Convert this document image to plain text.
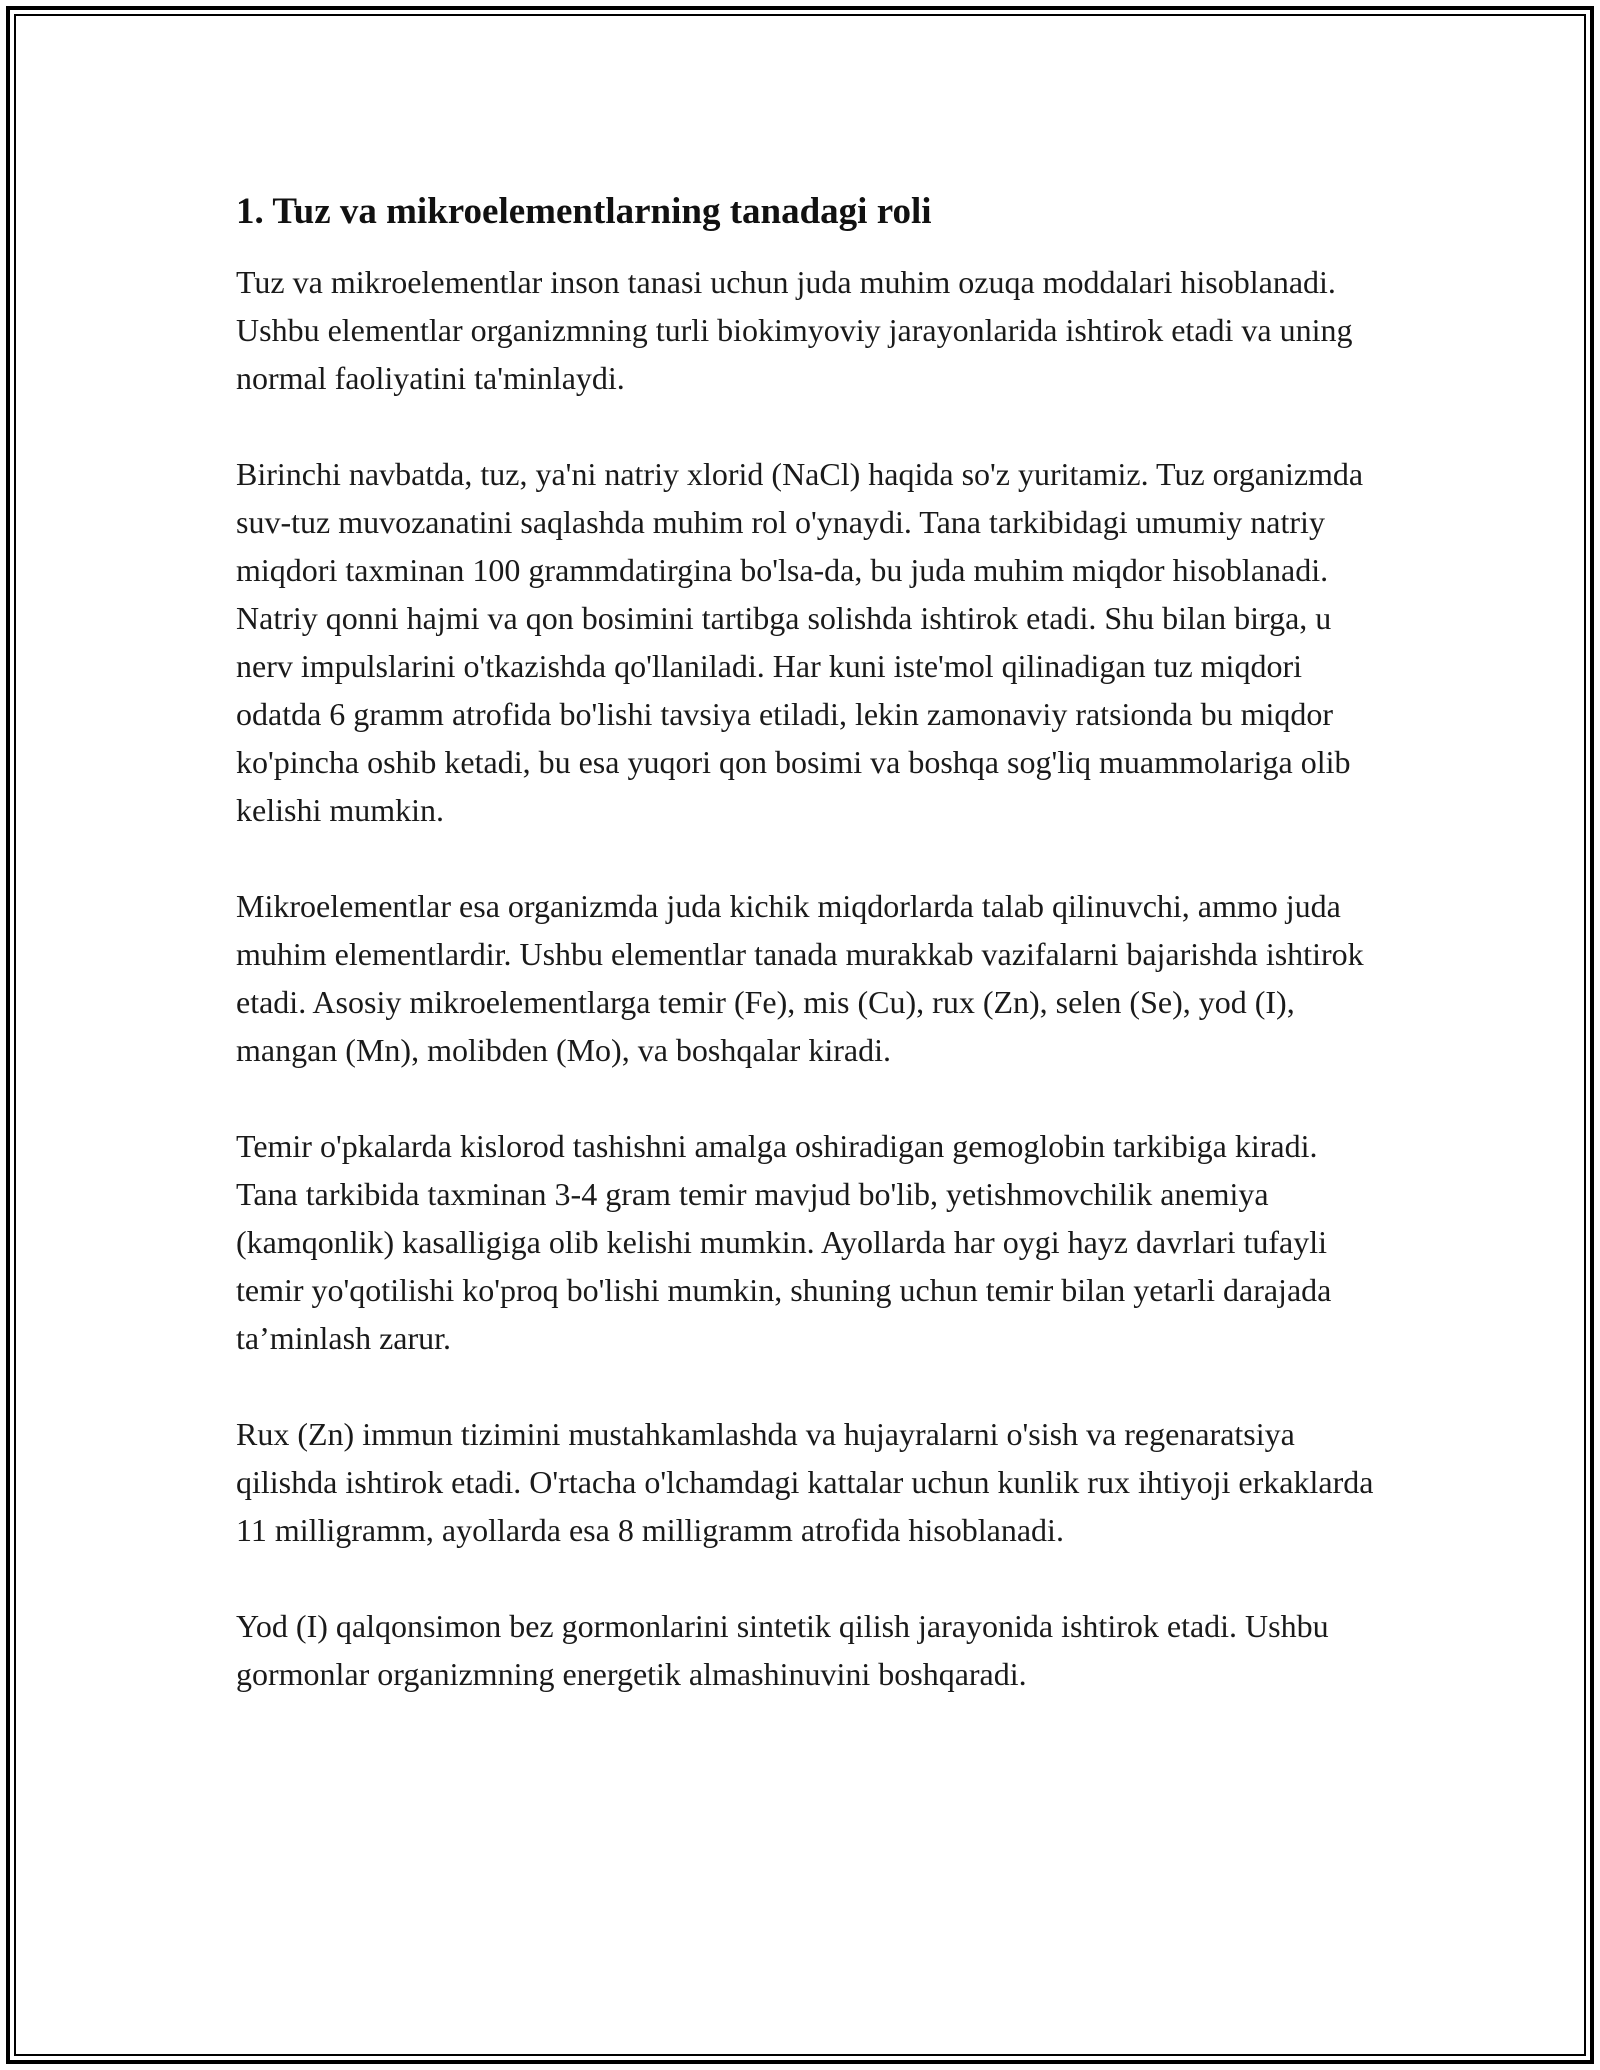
1. Tuz va mikroelementlarning tanadagi roli

Tuz va mikroelementlar inson tanasi uchun juda muhim ozuqa moddalari hisoblanadi. Ushbu elementlar organizmning turli biokimyoviy jarayonlarida ishtirok etadi va uning normal faoliyatini ta'minlaydi.

Birinchi navbatda, tuz, ya'ni natriy xlorid (NaCl) haqida so'z yuritamiz. Tuz organizmda suv-tuz muvozanatini saqlashda muhim rol o'ynaydi. Tana tarkibidagi umumiy natriy miqdori taxminan 100 grammdatirgina bo'lsa-da, bu juda muhim miqdor hisoblanadi. Natriy qonni hajmi va qon bosimini tartibga solishda ishtirok etadi. Shu bilan birga, u nerv impulslarini o'tkazishda qo'llaniladi. Har kuni iste'mol qilinadigan tuz miqdori odatda 6 gramm atrofida bo'lishi tavsiya etiladi, lekin zamonaviy ratsionda bu miqdor ko'pincha oshib ketadi, bu esa yuqori qon bosimi va boshqa sog'liq muammolariga olib kelishi mumkin.

Mikroelementlar esa organizmda juda kichik miqdorlarda talab qilinuvchi, ammo juda muhim elementlardir. Ushbu elementlar tanada murakkab vazifalarni bajarishda ishtirok etadi. Asosiy mikroelementlarga temir (Fe), mis (Cu), rux (Zn), selen (Se), yod (I), mangan (Mn), molibden (Mo), va boshqalar kiradi.

Temir o'pkalarda kislorod tashishni amalga oshiradigan gemoglobin tarkibiga kiradi. Tana tarkibida taxminan 3-4 gram temir mavjud bo'lib, yetishmovchilik anemiya (kamqonlik) kasalligiga olib kelishi mumkin. Ayollarda har oygi hayz davrlari tufayli temir yo'qotilishi ko'proq bo'lishi mumkin, shuning uchun temir bilan yetarli darajada ta’minlash zarur.

Rux (Zn) immun tizimini mustahkamlashda va hujayralarni o'sish va regenaratsiya qilishda ishtirok etadi. O'rtacha o'lchamdagi kattalar uchun kunlik rux ihtiyoji erkaklarda 11 milligramm, ayollarda esa 8 milligramm atrofida hisoblanadi.

Yod (I) qalqonsimon bez gormonlarini sintetik qilish jarayonida ishtirok etadi. Ushbu gormonlar organizmning energetik almashinuvini boshqaradi.
